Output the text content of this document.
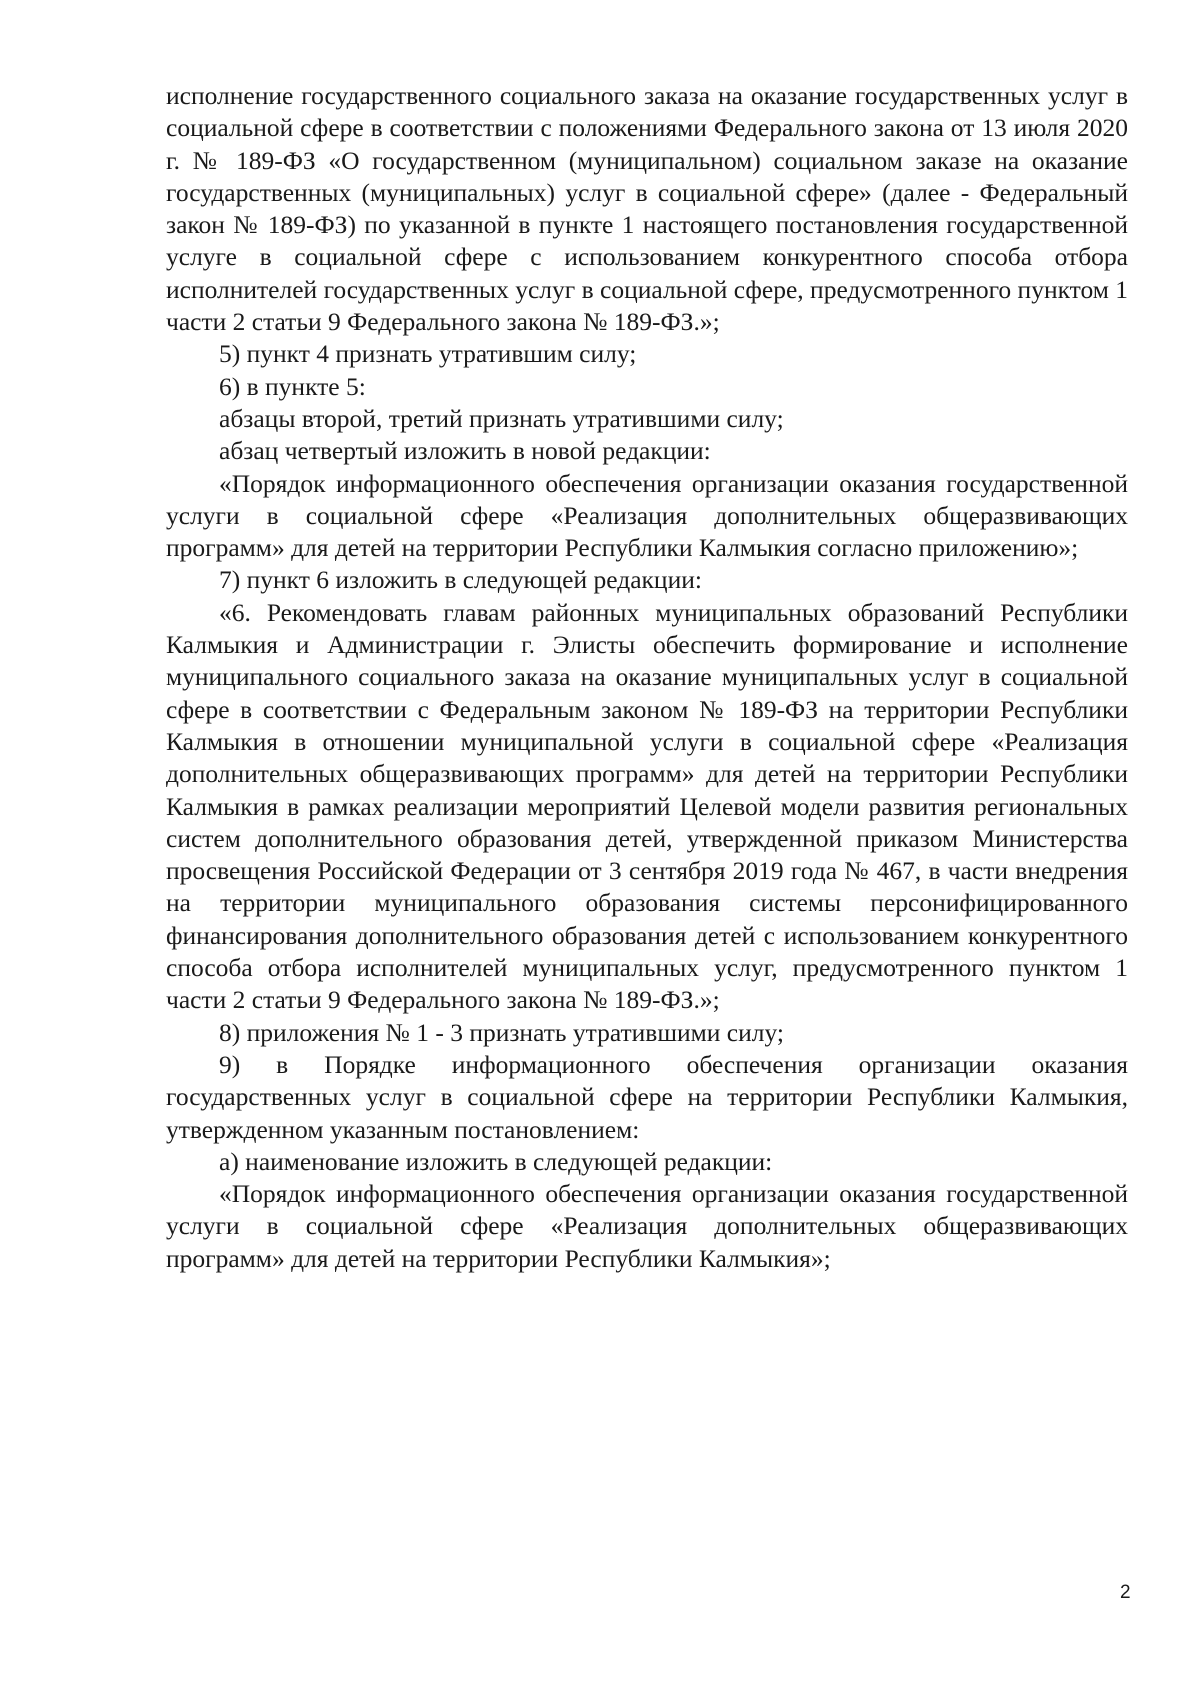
исполнение государственного социального заказа на оказание государственных услуг в социальной сфере в соответствии с положениями Федерального закона от 13 июля 2020 г. № 189-ФЗ «О государственном (муниципальном) социальном заказе на оказание государственных (муниципальных) услуг в социальной сфере» (далее - Федеральный закон № 189-ФЗ) по указанной в пункте 1 настоящего постановления государственной услуге в социальной сфере с использованием конкурентного способа отбора исполнителей государственных услуг в социальной сфере, предусмотренного пунктом 1 части 2 статьи 9 Федерального закона № 189-ФЗ.»;

5) пункт 4 признать утратившим силу;

6) в пункте 5:

абзацы второй, третий признать утратившими силу;

абзац четвертый изложить в новой редакции:

«Порядок информационного обеспечения организации оказания государственной услуги в социальной сфере «Реализация дополнительных общеразвивающих программ» для детей на территории Республики Калмыкия согласно приложению»;

7) пункт 6 изложить в следующей редакции:

«6. Рекомендовать главам районных муниципальных образований Республики Калмыкия и Администрации г. Элисты обеспечить формирование и исполнение муниципального социального заказа на оказание муниципальных услуг в социальной сфере в соответствии с Федеральным законом № 189-ФЗ на территории Республики Калмыкия в отношении муниципальной услуги в социальной сфере «Реализация дополнительных общеразвивающих программ» для детей на территории Республики Калмыкия в рамках реализации мероприятий Целевой модели развития региональных систем дополнительного образования детей, утвержденной приказом Министерства просвещения Российской Федерации от 3 сентября 2019 года № 467, в части внедрения на территории муниципального образования системы персонифицированного финансирования дополнительного образования детей с использованием конкурентного способа отбора исполнителей муниципальных услуг, предусмотренного пунктом 1 части 2 статьи 9 Федерального закона № 189-ФЗ.»;

8) приложения № 1 - 3 признать утратившими силу;

9) в Порядке информационного обеспечения организации оказания государственных услуг в социальной сфере на территории Республики Калмыкия, утвержденном указанным постановлением:

а) наименование изложить в следующей редакции:

«Порядок информационного обеспечения организации оказания государственной услуги в социальной сфере «Реализация дополнительных общеразвивающих программ» для детей на территории Республики Калмыкия»;

2
